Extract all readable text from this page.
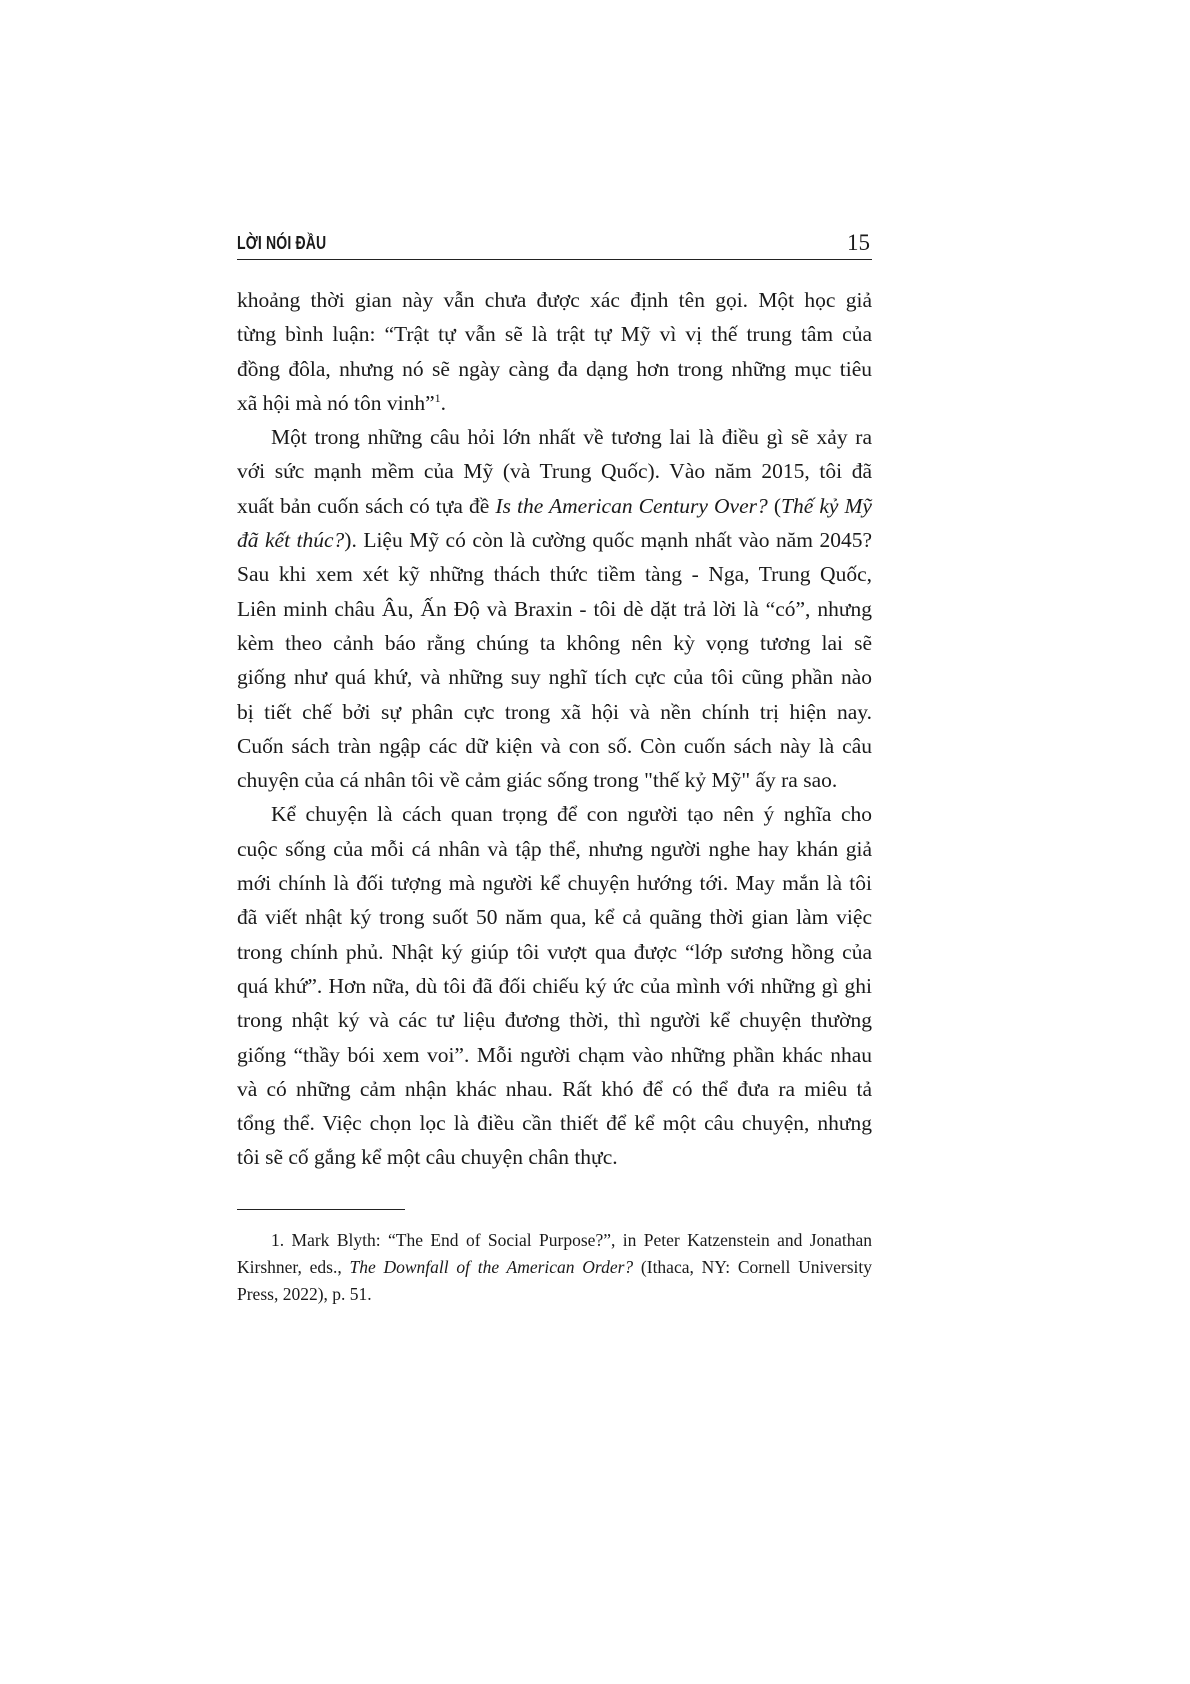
LỜI NÓI ĐẦU	15
khoảng thời gian này vẫn chưa được xác định tên gọi. Một học giả
từng bình luận: “Trật tự vẫn sẽ là trật tự Mỹ vì vị thế trung tâm của
đồng đôla, nhưng nó sẽ ngày càng đa dạng hơn trong những mục tiêu
xã hội mà nó tôn vinh”$^1$.
Một trong những câu hỏi lớn nhất về tương lai là điều gì sẽ xảy ra
với sức mạnh mềm của Mỹ (và Trung Quốc). Vào năm 2015, tôi đã
xuất bản cuốn sách có tựa đề Is the American Century Over? (Thế kỷ Mỹ
đã kết thúc?). Liệu Mỹ có còn là cường quốc mạnh nhất vào năm 2045?
Sau khi xem xét kỹ những thách thức tiềm tàng - Nga, Trung Quốc,
Liên minh châu Âu, Ấn Độ và Braxin - tôi dè dặt trả lời là “có”, nhưng
kèm theo cảnh báo rằng chúng ta không nên kỳ vọng tương lai sẽ
giống như quá khứ, và những suy nghĩ tích cực của tôi cũng phần nào
bị tiết chế bởi sự phân cực trong xã hội và nền chính trị hiện nay.
Cuốn sách tràn ngập các dữ kiện và con số. Còn cuốn sách này là câu
chuyện của cá nhân tôi về cảm giác sống trong "thế kỷ Mỹ" ấy ra sao.
Kể chuyện là cách quan trọng để con người tạo nên ý nghĩa cho
cuộc sống của mỗi cá nhân và tập thể, nhưng người nghe hay khán giả
mới chính là đối tượng mà người kể chuyện hướng tới. May mắn là tôi
đã viết nhật ký trong suốt 50 năm qua, kể cả quãng thời gian làm việc
trong chính phủ. Nhật ký giúp tôi vượt qua được “lớp sương hồng của
quá khứ”. Hơn nữa, dù tôi đã đối chiếu ký ức của mình với những gì ghi
trong nhật ký và các tư liệu đương thời, thì người kể chuyện thường
giống “thầy bói xem voi”. Mỗi người chạm vào những phần khác nhau
và có những cảm nhận khác nhau. Rất khó để có thể đưa ra miêu tả
tổng thể. Việc chọn lọc là điều cần thiết để kể một câu chuyện, nhưng
tôi sẽ cố gắng kể một câu chuyện chân thực.
1. Mark Blyth: “The End of Social Purpose?”, in Peter Katzenstein and Jonathan
Kirshner, eds., The Downfall of the American Order? (Ithaca, NY: Cornell University
Press, 2022), p. 51.
